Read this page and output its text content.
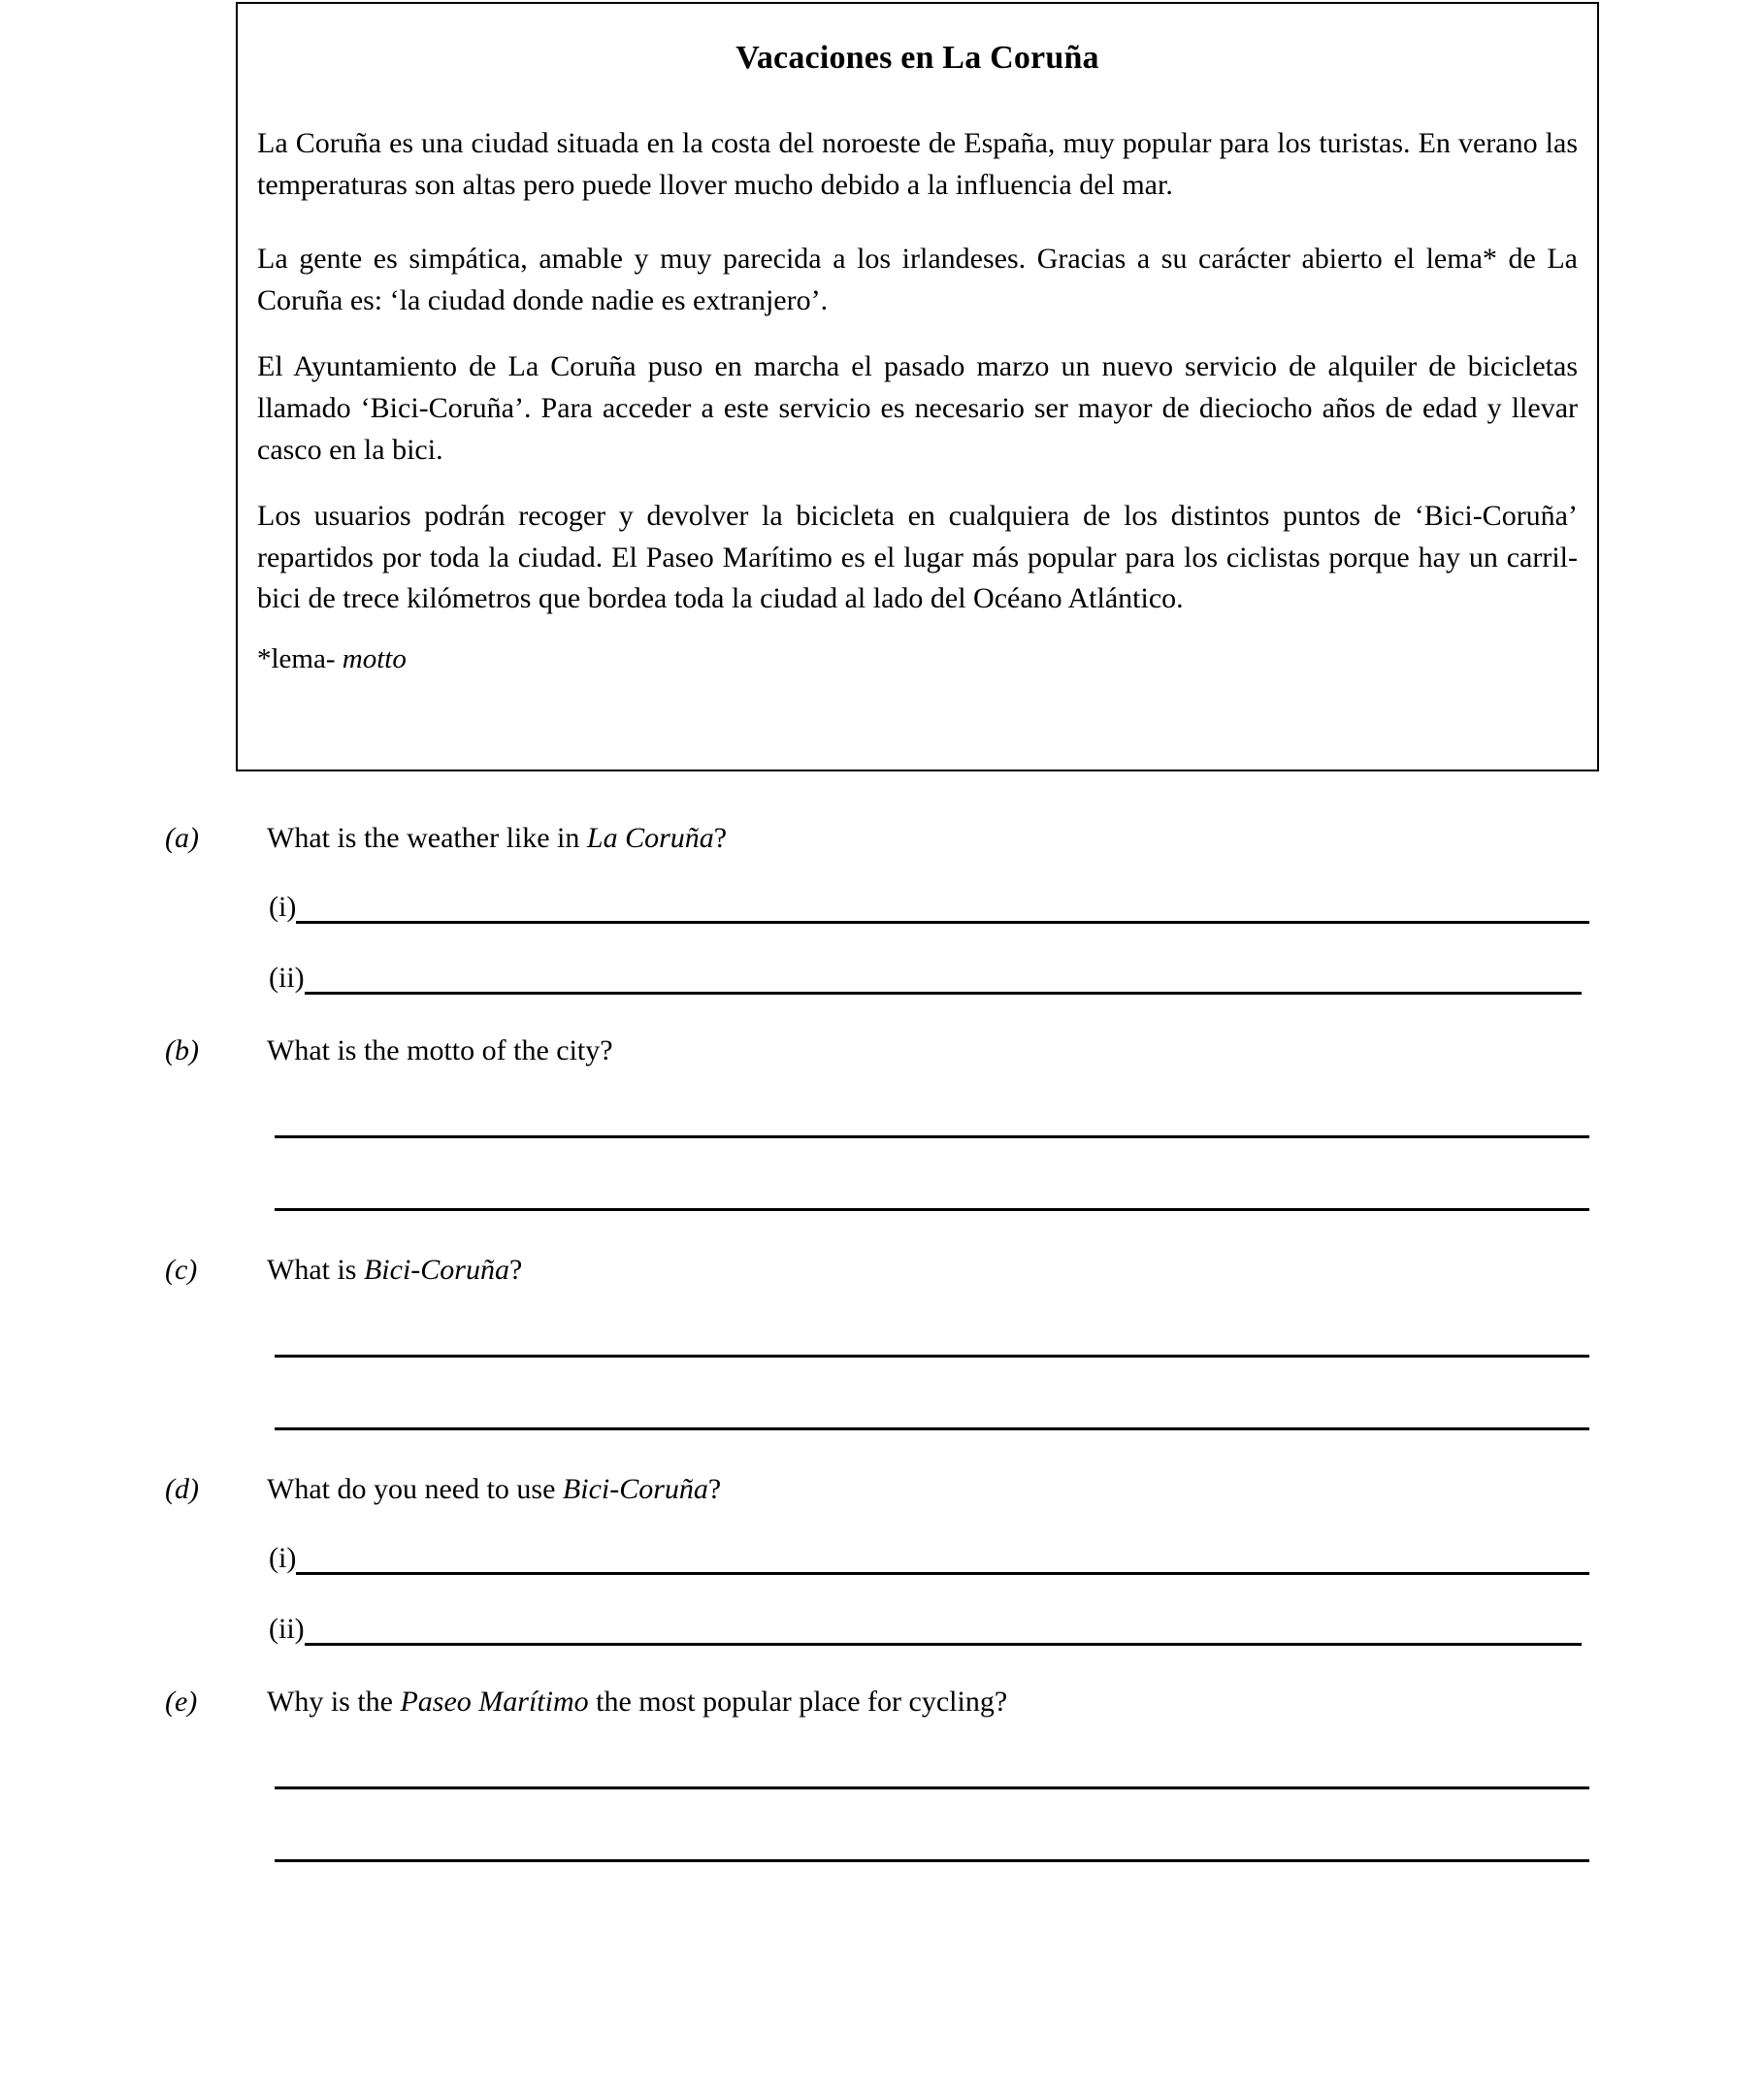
Vacaciones en La Coruña

La Coruña es una ciudad situada en la costa del noroeste de España, muy popular para los turistas. En verano las temperaturas son altas pero puede llover mucho debido a la influencia del mar.

La gente es simpática, amable y muy parecida a los irlandeses. Gracias a su carácter abierto el lema* de La Coruña es: ‘la ciudad donde nadie es extranjero’.

El Ayuntamiento de La Coruña puso en marcha el pasado marzo un nuevo servicio de alquiler de bicicletas llamado ‘Bici-Coruña’. Para acceder a este servicio es necesario ser mayor de dieciocho años de edad y llevar casco en la bici.

Los usuarios podrán recoger y devolver la bicicleta en cualquiera de los distintos puntos de ‘Bici-Coruña’ repartidos por toda la ciudad. El Paseo Marítimo es el lugar más popular para los ciclistas porque hay un carril-bici de trece kilómetros que bordea toda la ciudad al lado del Océano Atlántico.

*lema- motto

(a)	What is the weather like in La Coruña?
(i)
(ii)
(b)	What is the motto of the city?
(c)	What is Bici-Coruña?
(d)	What do you need to use Bici-Coruña?
(i)
(ii)
(e)	Why is the Paseo Marítimo the most popular place for cycling?
